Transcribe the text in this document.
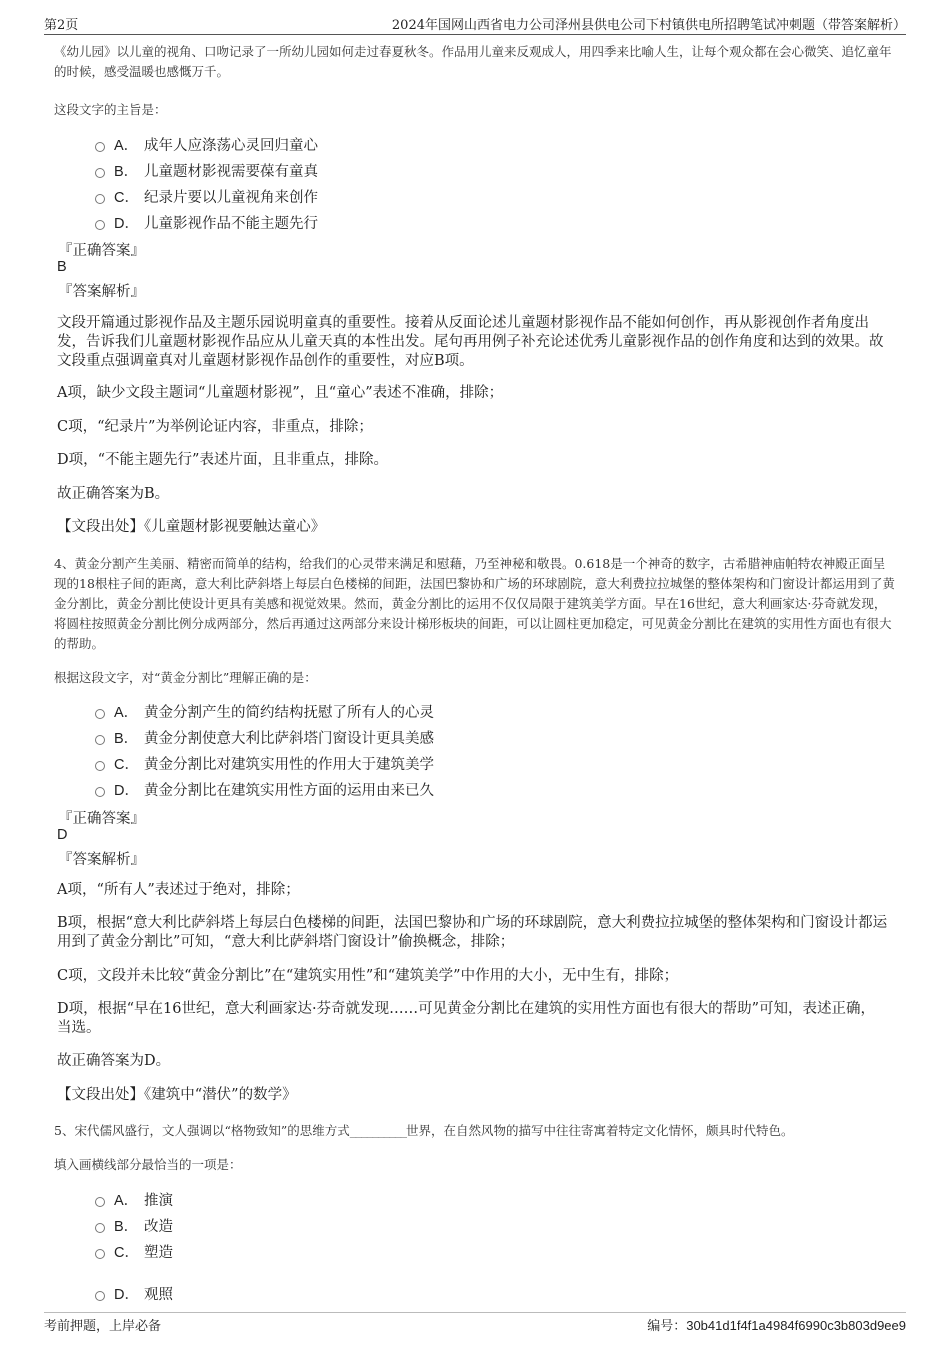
第2页	2024年国网山西省电力公司泽州县供电公司下村镇供电所招聘笔试冲刺题（带答案解析）
《幼儿园》以儿童的视角、口吻记录了一所幼儿园如何走过春夏秋冬。作品用儿童来反观成人，用四季来比喻人生，让每个观众都在会心微笑、追忆童年的时候，感受温暖也感慨万千。
这段文字的主旨是：
A． 成年人应涤荡心灵回归童心
B． 儿童题材影视需要葆有童真
C． 纪录片要以儿童视角来创作
D． 儿童影视作品不能主题先行
『正确答案』
B
『答案解析』
文段开篇通过影视作品及主题乐园说明童真的重要性。接着从反面论述儿童题材影视作品不能如何创作，再从影视创作者角度出发，告诉我们儿童题材影视作品应从儿童天真的本性出发。尾句再用例子补充论述优秀儿童影视作品的创作角度和达到的效果。故文段重点强调童真对儿童题材影视作品创作的重要性，对应B项。
A项，缺少文段主题词“儿童题材影视”，且“童心”表述不准确，排除；
C项，“纪录片”为举例论证内容，非重点，排除；
D项，“不能主题先行”表述片面，且非重点，排除。
故正确答案为B。
【文段出处】《儿童题材影视要触达童心》
4、黄金分割产生美丽、精密而简单的结构，给我们的心灵带来满足和慰藉，乃至神秘和敬畏。0.618是一个神奇的数字，古希腊神庙帕特农神殿正面呈现的18根柱子间的距离，意大利比萨斜塔上每层白色楼梯的间距，法国巴黎协和广场的环球剧院，意大利费拉拉城堡的整体架构和门窗设计都运用到了黄金分割比，黄金分割比使设计更具有美感和视觉效果。然而，黄金分割比的运用不仅仅局限于建筑美学方面。早在16世纪，意大利画家达·芬奇就发现，将圆柱按照黄金分割比例分成两部分，然后再通过这两部分来设计梯形板块的间距，可以让圆柱更加稳定，可见黄金分割比在建筑的实用性方面也有很大的帮助。
根据这段文字，对“黄金分割比”理解正确的是：
A． 黄金分割产生的简约结构抚慰了所有人的心灵
B． 黄金分割使意大利比萨斜塔门窗设计更具美感
C． 黄金分割比对建筑实用性的作用大于建筑美学
D． 黄金分割比在建筑实用性方面的运用由来已久
『正确答案』
D
『答案解析』
A项，“所有人”表述过于绝对，排除；
B项，根据“意大利比萨斜塔上每层白色楼梯的间距，法国巴黎协和广场的环球剧院，意大利费拉拉城堡的整体架构和门窗设计都运用到了黄金分割比”可知，“意大利比萨斜塔门窗设计”偷换概念，排除；
C项，文段并未比较“黄金分割比”在“建筑实用性”和“建筑美学”中作用的大小，无中生有，排除；
D项，根据“早在16世纪，意大利画家达·芬奇就发现……可见黄金分割比在建筑的实用性方面也有很大的帮助”可知，表述正确，当选。
故正确答案为D。
【文段出处】《建筑中“潜伏”的数学》
5、宋代儒风盛行，文人强调以“格物致知”的思维方式__________世界，在自然风物的描写中往往寄寓着特定文化情怀，颇具时代特色。
填入画横线部分最恰当的一项是：
A． 推演
B． 改造
C． 塑造
D． 观照
考前押题，上岸必备	编号：30b41d1f4f1a4984f6990c3b803d9ee9
